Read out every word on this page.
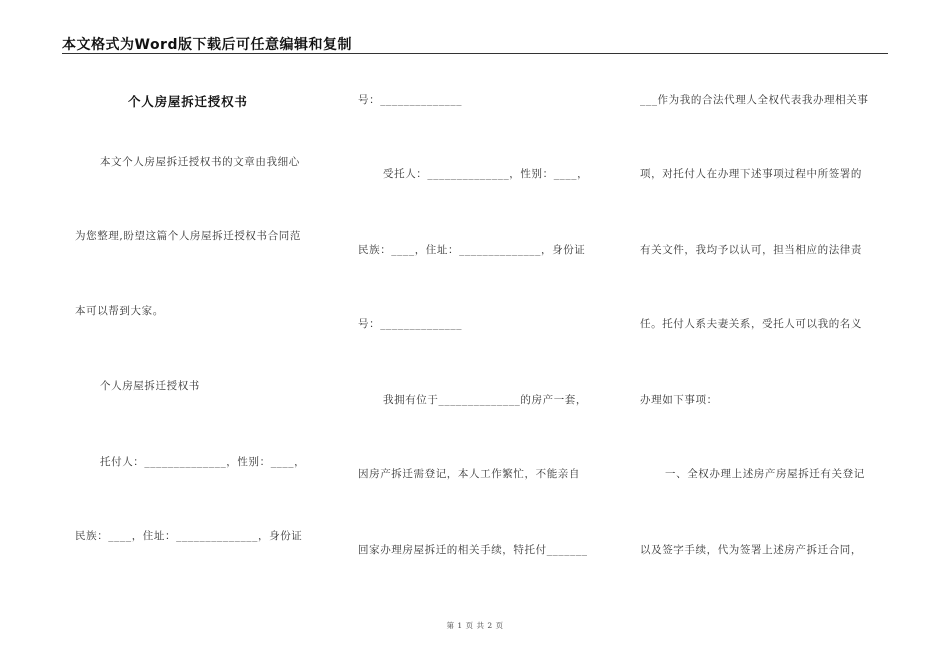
本文格式为Word版下载后可任意编辑和复制
个人房屋拆迁授权书
本文个人房屋拆迁授权书的文章由我细心
为您整理,盼望这篇个人房屋拆迁授权书合同范
本可以帮到大家。
个人房屋拆迁授权书
托付人：______________，性别：____，
民族：____，住址：______________，身份证
号：______________
受托人：______________，性别：____，
民族：____，住址：______________，身份证
号：______________
我拥有位于______________的房产一套，
因房产拆迁需登记，本人工作繁忙，不能亲自
回家办理房屋拆迁的相关手续，特托付_______
___作为我的合法代理人全权代表我办理相关事
项，对托付人在办理下述事项过程中所签署的
有关文件，我均予以认可，担当相应的法律责
任。托付人系夫妻关系，受托人可以我的名义
办理如下事项：
一、全权办理上述房产房屋拆迁有关登记
以及签字手续，代为签署上述房产拆迁合同，
第 1 页 共 2 页
